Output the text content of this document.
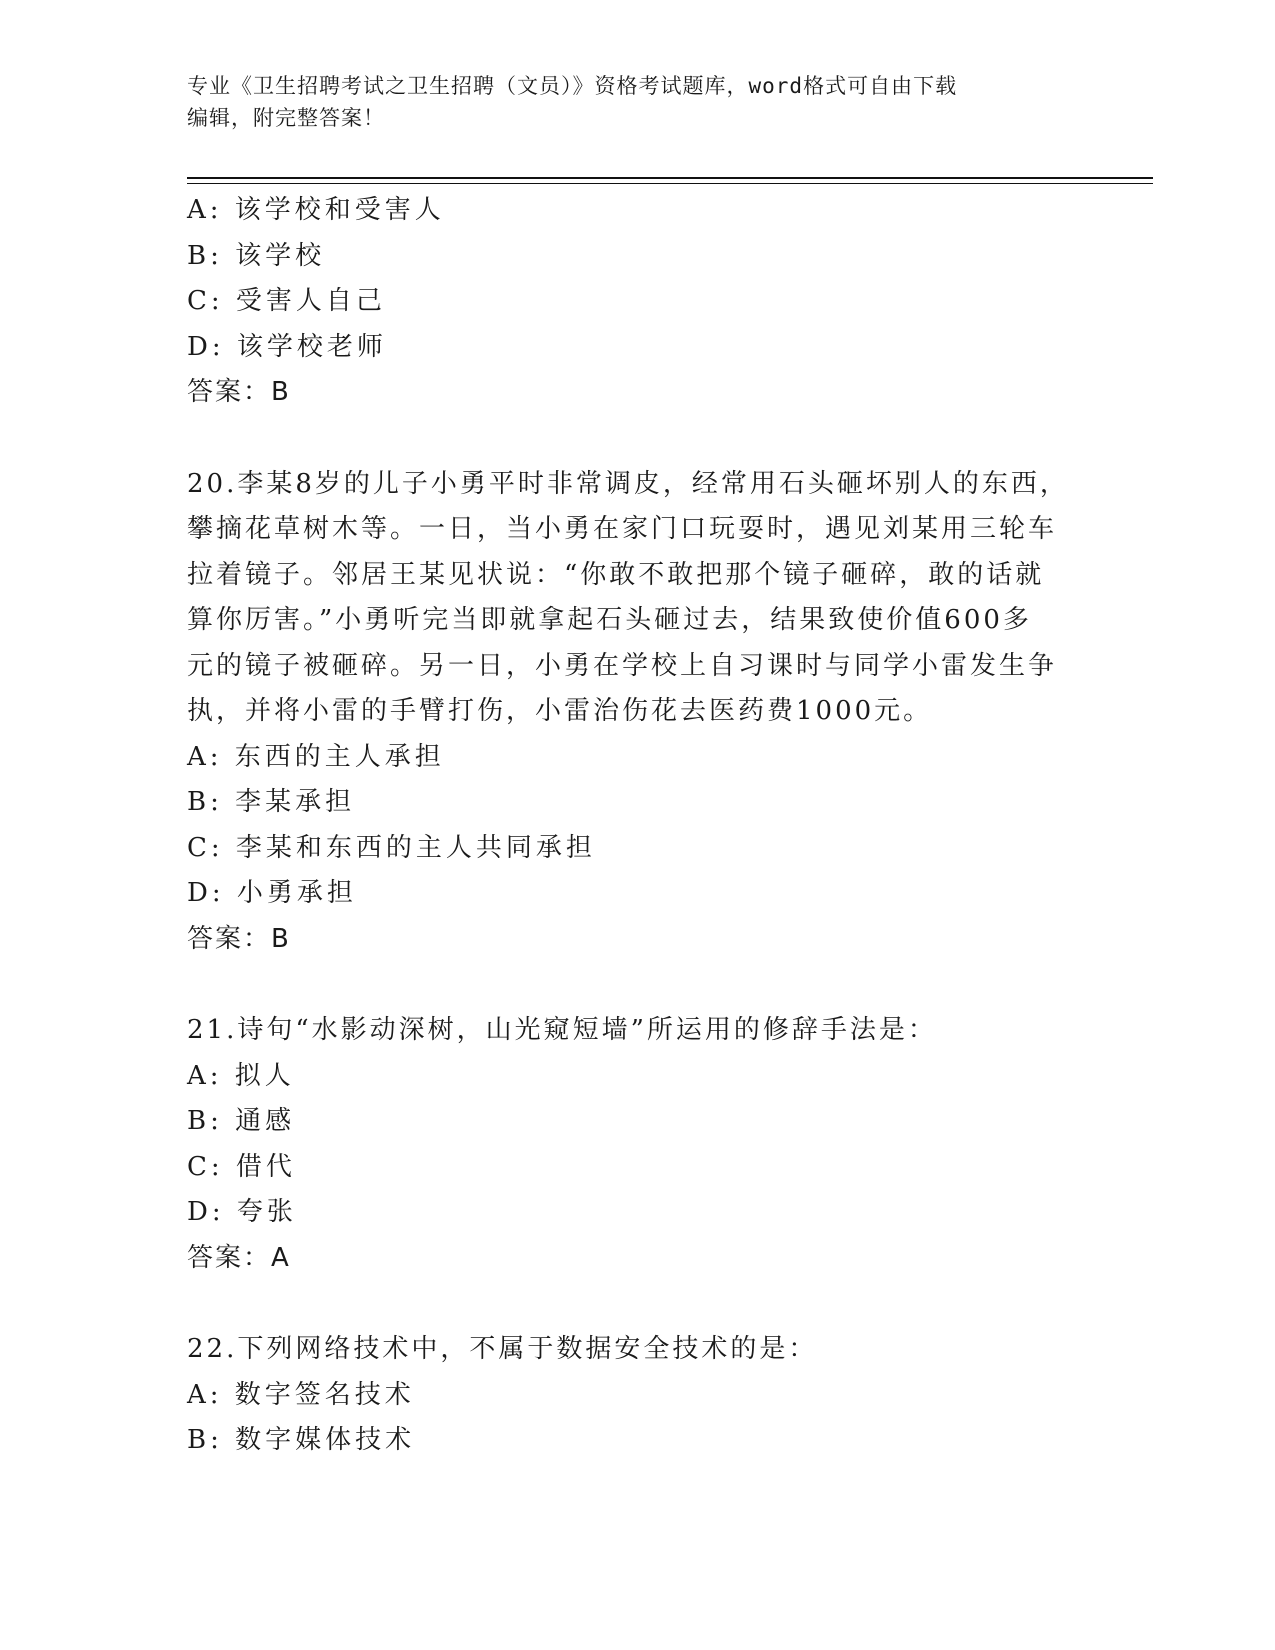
专业《卫生招聘考试之卫生招聘（文员）》资格考试题库，word格式可自由下载
编辑，附完整答案！
A: 该学校和受害人
B: 该学校
C: 受害人自己
D: 该学校老师
答案：B
20.李某8岁的儿子小勇平时非常调皮，经常用石头砸坏别人的东西，
攀摘花草树木等。一日，当小勇在家门口玩耍时，遇见刘某用三轮车
拉着镜子。邻居王某见状说：“你敢不敢把那个镜子砸碎，敢的话就
算你厉害。”小勇听完当即就拿起石头砸过去，结果致使价值600多
元的镜子被砸碎。另一日，小勇在学校上自习课时与同学小雷发生争
执，并将小雷的手臂打伤，小雷治伤花去医药费1000元。
A: 东西的主人承担
B: 李某承担
C: 李某和东西的主人共同承担
D: 小勇承担
答案：B
21.诗句“水影动深树，山光窥短墙”所运用的修辞手法是：
A: 拟人
B: 通感
C: 借代
D: 夸张
答案：A
22.下列网络技术中，不属于数据安全技术的是：
A: 数字签名技术
B: 数字媒体技术
